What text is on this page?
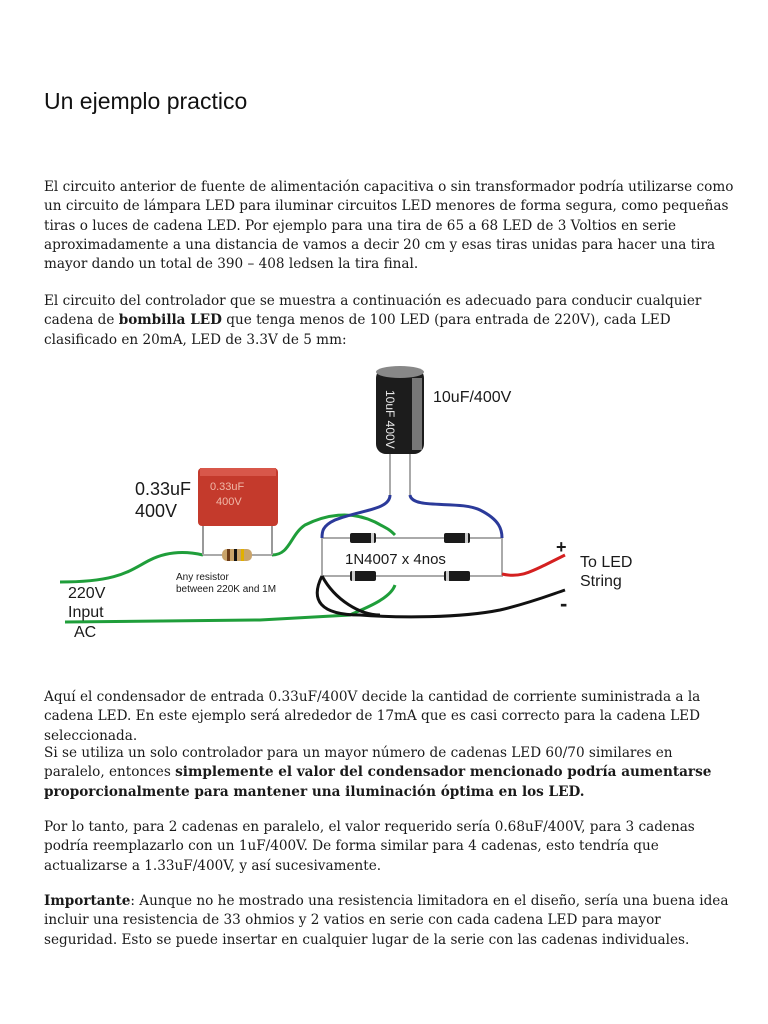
Un ejemplo practico

El circuito anterior de fuente de alimentación capacitiva o sin transformador podría utilizarse como un circuito de lámpara LED para iluminar circuitos LED menores de forma segura, como pequeñas tiras o luces de cadena LED. Por ejemplo para una tira de 65 a 68 LED de 3 Voltios en serie aproximadamente a una distancia de vamos a decir 20 cm y esas tiras unidas para hacer una tira mayor dando un total de 390 – 408 ledsen la tira final.

El circuito del controlador que se muestra a continuación es adecuado para conducir cualquier cadena de bombilla LED que tenga menos de 100 LED (para entrada de 220V), cada LED clasificado en 20mA, LED de 3.3V de 5 mm:

0.33uF
400V
10uF 400V 10uF/400V
0.33uF
400V
Any resistor
between 220K and 1M
220V
Input
AC
1N4007 x 4nos
+
-
To LED
String

Aquí el condensador de entrada 0.33uF/400V decide la cantidad de corriente suministrada a la cadena LED. En este ejemplo será alrededor de 17mA que es casi correcto para la cadena LED seleccionada.

Si se utiliza un solo controlador para un mayor número de cadenas LED 60/70 similares en paralelo, entonces simplemente el valor del condensador mencionado podría aumentarse proporcionalmente para mantener una iluminación óptima en los LED.

Por lo tanto, para 2 cadenas en paralelo, el valor requerido sería 0.68uF/400V, para 3 cadenas podría reemplazarlo con un 1uF/400V. De forma similar para 4 cadenas, esto tendría que actualizarse a 1.33uF/400V, y así sucesivamente.

Importante: Aunque no he mostrado una resistencia limitadora en el diseño, sería una buena idea incluir una resistencia de 33 ohmios y 2 vatios en serie con cada cadena LED para mayor seguridad. Esto se puede insertar en cualquier lugar de la serie con las cadenas individuales.
